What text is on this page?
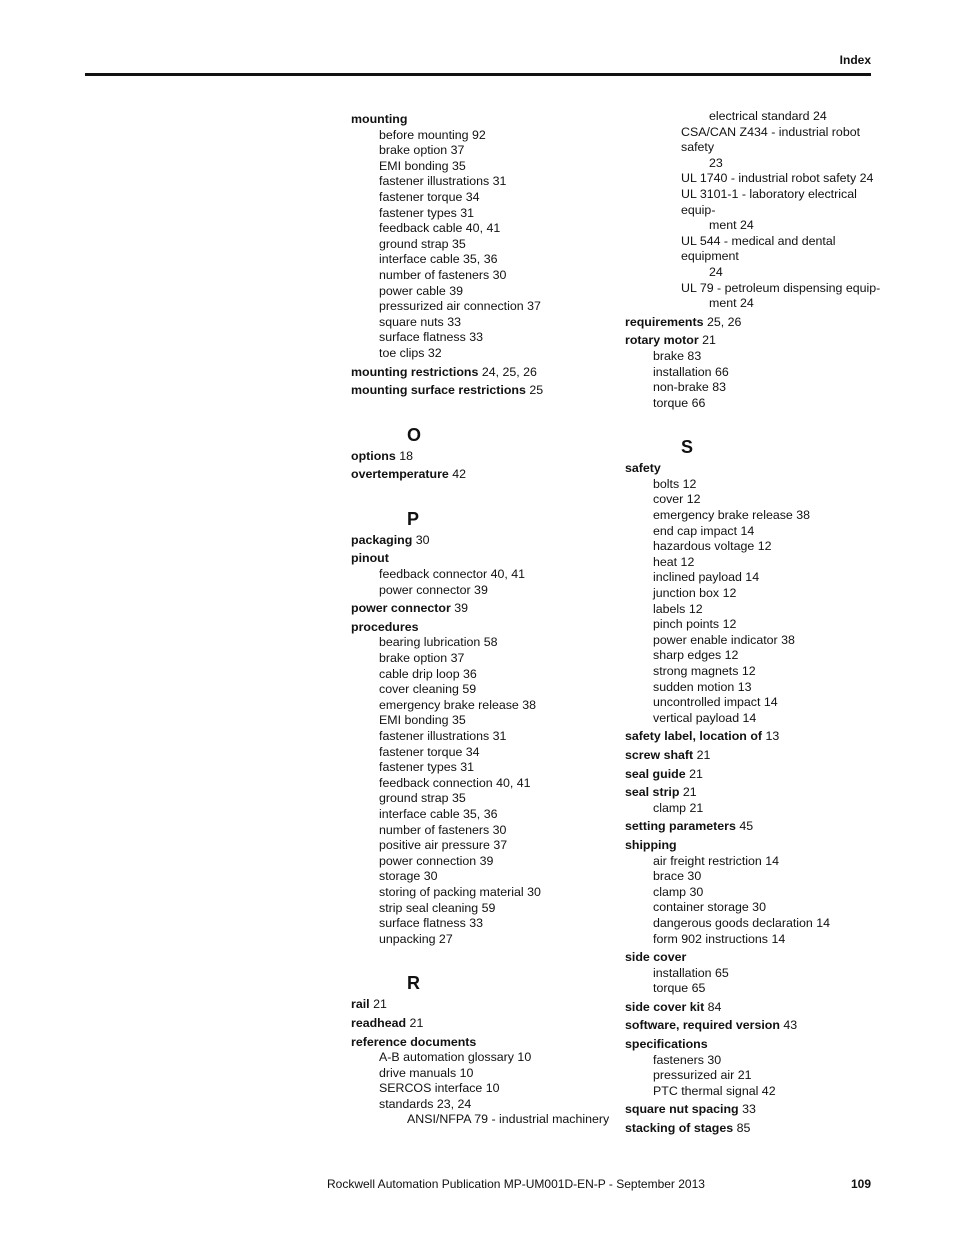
Index
mounting
before mounting 92
brake option 37
EMI bonding 35
fastener illustrations 31
fastener torque 34
fastener types 31
feedback cable 40, 41
ground strap 35
interface cable 35, 36
number of fasteners 30
power cable 39
pressurized air connection 37
square nuts 33
surface flatness 33
toe clips 32
mounting restrictions 24, 25, 26
mounting surface restrictions 25
O
options 18
overtemperature 42
P
packaging 30
pinout
feedback connector 40, 41
power connector 39
power connector 39
procedures
bearing lubrication 58
brake option 37
cable drip loop 36
cover cleaning 59
emergency brake release 38
EMI bonding 35
fastener illustrations 31
fastener torque 34
fastener types 31
feedback connection 40, 41
ground strap 35
interface cable 35, 36
number of fasteners 30
positive air pressure 37
power connection 39
storage 30
storing of packing material 30
strip seal cleaning 59
surface flatness 33
unpacking 27
R
rail 21
readhead 21
reference documents
A-B automation glossary 10
drive manuals 10
SERCOS interface 10
standards 23, 24
ANSI/NFPA 79 - industrial machinery
electrical standard 24
CSA/CAN Z434 - industrial robot safety
23
UL 1740 - industrial robot safety 24
UL 3101-1 - laboratory electrical equip-
ment 24
UL 544 - medical and dental equipment
24
UL 79 - petroleum dispensing equip-
ment 24
requirements 25, 26
rotary motor 21
brake 83
installation 66
non-brake 83
torque 66
S
safety
bolts 12
cover 12
emergency brake release 38
end cap impact 14
hazardous voltage 12
heat 12
inclined payload 14
junction box 12
labels 12
pinch points 12
power enable indicator 38
sharp edges 12
strong magnets 12
sudden motion 13
uncontrolled impact 14
vertical payload 14
safety label, location of 13
screw shaft 21
seal guide 21
seal strip 21
clamp 21
setting parameters 45
shipping
air freight restriction 14
brace 30
clamp 30
container storage 30
dangerous goods declaration 14
form 902 instructions 14
side cover
installation 65
torque 65
side cover kit 84
software, required version 43
specifications
fasteners 30
pressurized air 21
PTC thermal signal 42
square nut spacing 33
stacking of stages 85
Rockwell Automation Publication MP-UM001D-EN-P - September 2013	109
